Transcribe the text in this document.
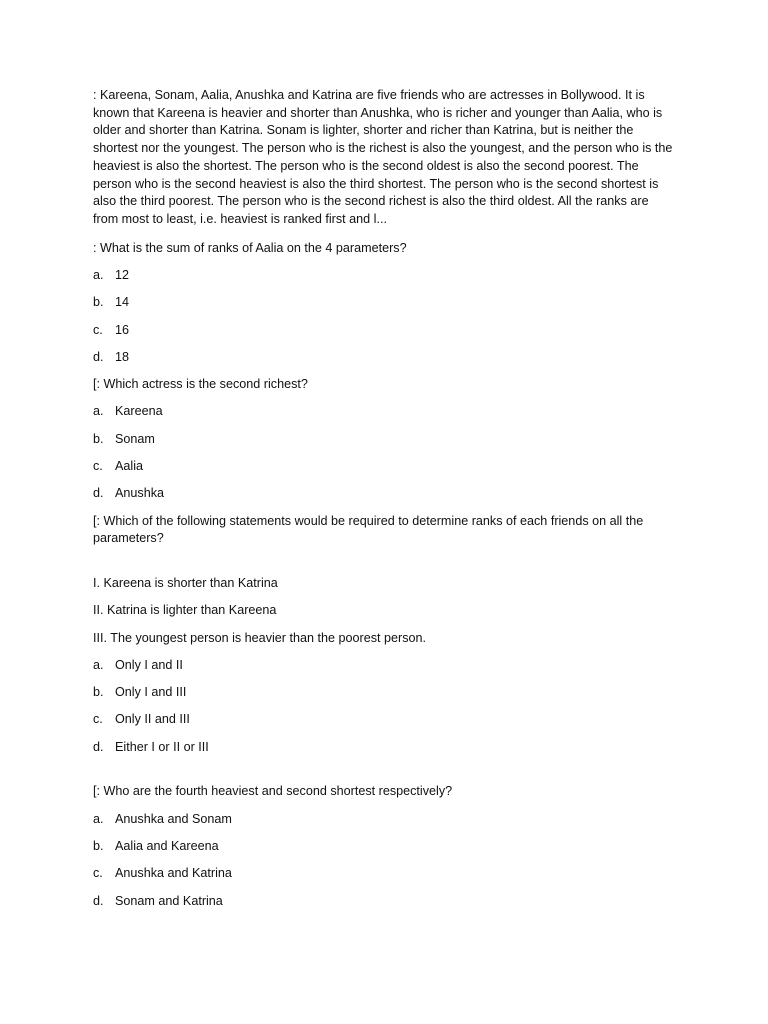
: Kareena, Sonam, Aalia, Anushka and Katrina are five friends who are actresses in Bollywood. It is known that Kareena is heavier and shorter than Anushka, who is richer and younger than Aalia, who is older and shorter than Katrina. Sonam is lighter, shorter and richer than Katrina, but is neither the shortest nor the youngest. The person who is the richest is also the youngest, and the person who is the heaviest is also the shortest. The person who is the second oldest is also the second poorest. The person who is the second heaviest is also the third shortest. The person who is the second shortest is also the third poorest. The person who is the second richest is also the third oldest. All the ranks are from most to least, i.e. heaviest is ranked first and l...

: What is the sum of ranks of Aalia on the 4 parameters?

a. 12

b. 14

c. 16

d. 18

[: Which actress is the second richest?

a. Kareena

b. Sonam

c. Aalia

d. Anushka

[: Which of the following statements would be required to determine ranks of each friends on all the parameters?

I. Kareena is shorter than Katrina

II. Katrina is lighter than Kareena

III. The youngest person is heavier than the poorest person.

a. Only I and II

b. Only I and III

c. Only II and III

d. Either I or II or III

[: Who are the fourth heaviest and second shortest respectively?

a. Anushka and Sonam

b. Aalia and Kareena

c. Anushka and Katrina

d. Sonam and Katrina
